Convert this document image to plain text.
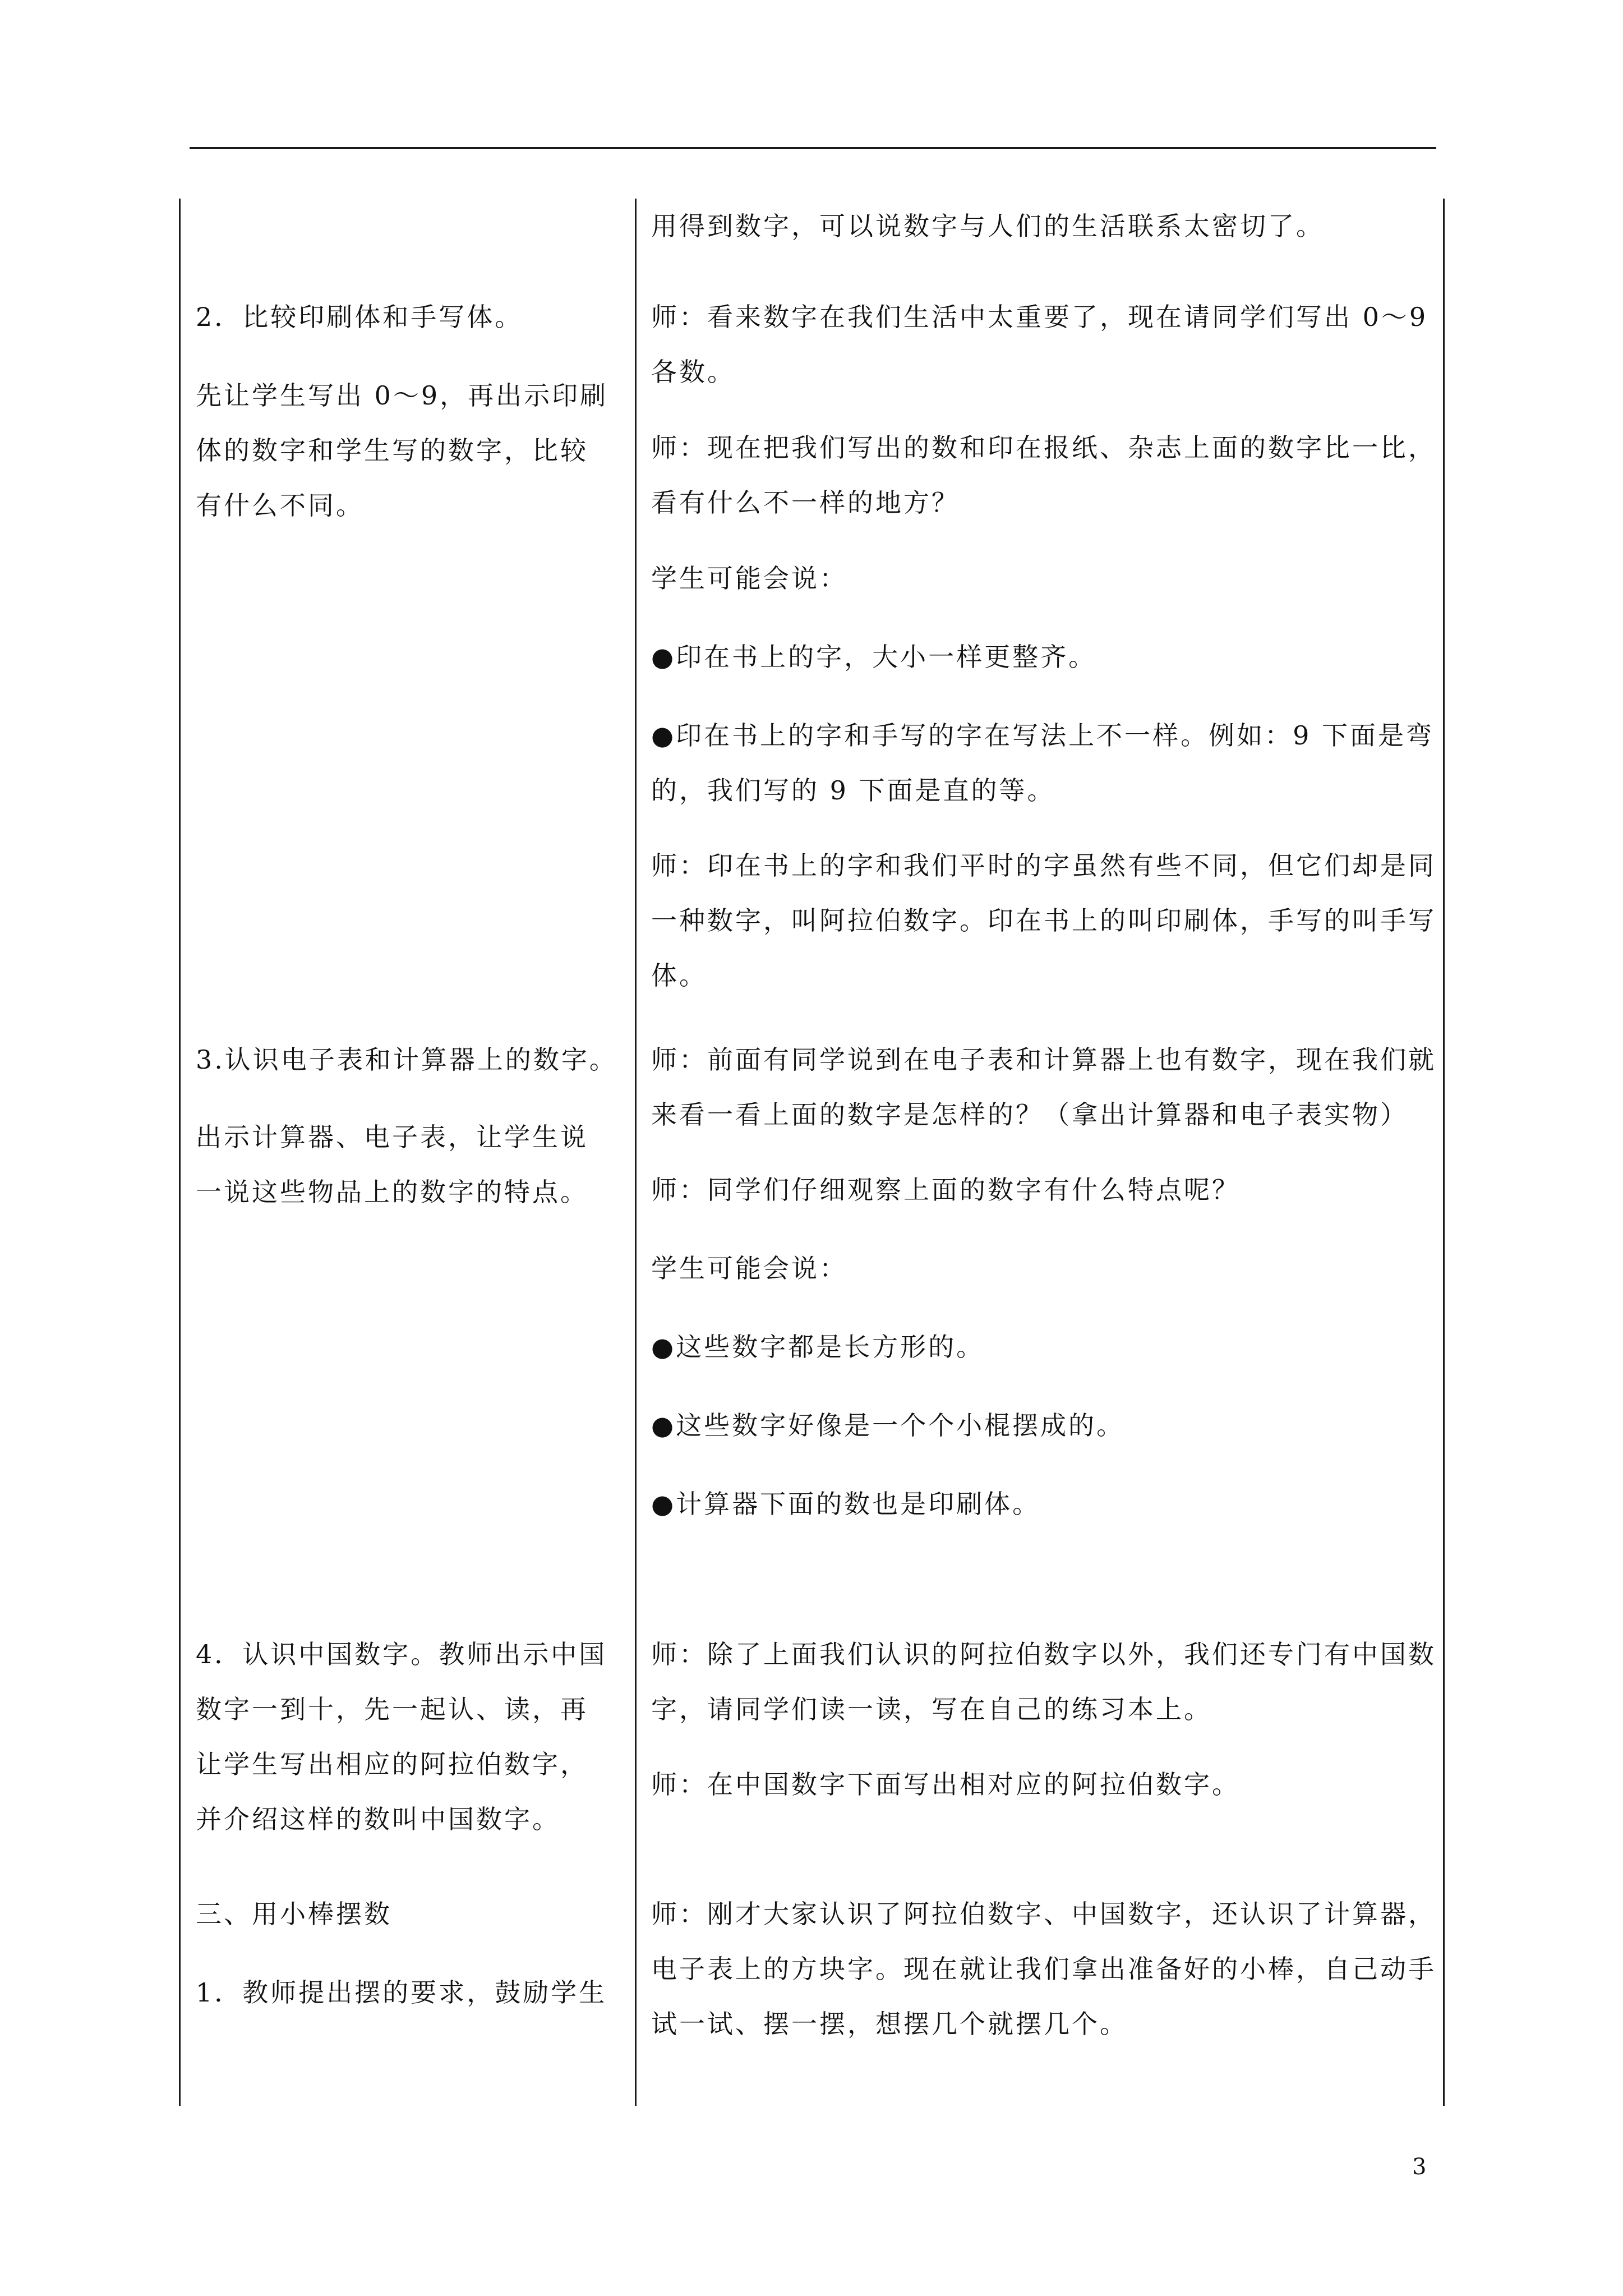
2．比较印刷体和手写体。

先让学生写出 0～9，再出示印刷
体的数字和学生写的数字，比较
有什么不同。

3.认识电子表和计算器上的数字。

出示计算器、电子表，让学生说
一说这些物品上的数字的特点。

4．认识中国数字。教师出示中国
数字一到十，先一起认、读，再
让学生写出相应的阿拉伯数字，
并介绍这样的数叫中国数字。

三、用小棒摆数

1．教师提出摆的要求，鼓励学生

用得到数字，可以说数字与人们的生活联系太密切了。

师：看来数字在我们生活中太重要了，现在请同学们写出 0～9
各数。

师：现在把我们写出的数和印在报纸、杂志上面的数字比一比，
看有什么不一样的地方？

学生可能会说：

●印在书上的字，大小一样更整齐。

●印在书上的字和手写的字在写法上不一样。例如：9 下面是弯
的，我们写的 9 下面是直的等。

师：印在书上的字和我们平时的字虽然有些不同，但它们却是同
一种数字，叫阿拉伯数字。印在书上的叫印刷体，手写的叫手写
体。

师：前面有同学说到在电子表和计算器上也有数字，现在我们就
来看一看上面的数字是怎样的？（拿出计算器和电子表实物）

师：同学们仔细观察上面的数字有什么特点呢？

学生可能会说：

●这些数字都是长方形的。

●这些数字好像是一个个小棍摆成的。

●计算器下面的数也是印刷体。

师：除了上面我们认识的阿拉伯数字以外，我们还专门有中国数
字，请同学们读一读，写在自己的练习本上。

师：在中国数字下面写出相对应的阿拉伯数字。

师：刚才大家认识了阿拉伯数字、中国数字，还认识了计算器，
电子表上的方块字。现在就让我们拿出准备好的小棒，自己动手
试一试、摆一摆，想摆几个就摆几个。

3
